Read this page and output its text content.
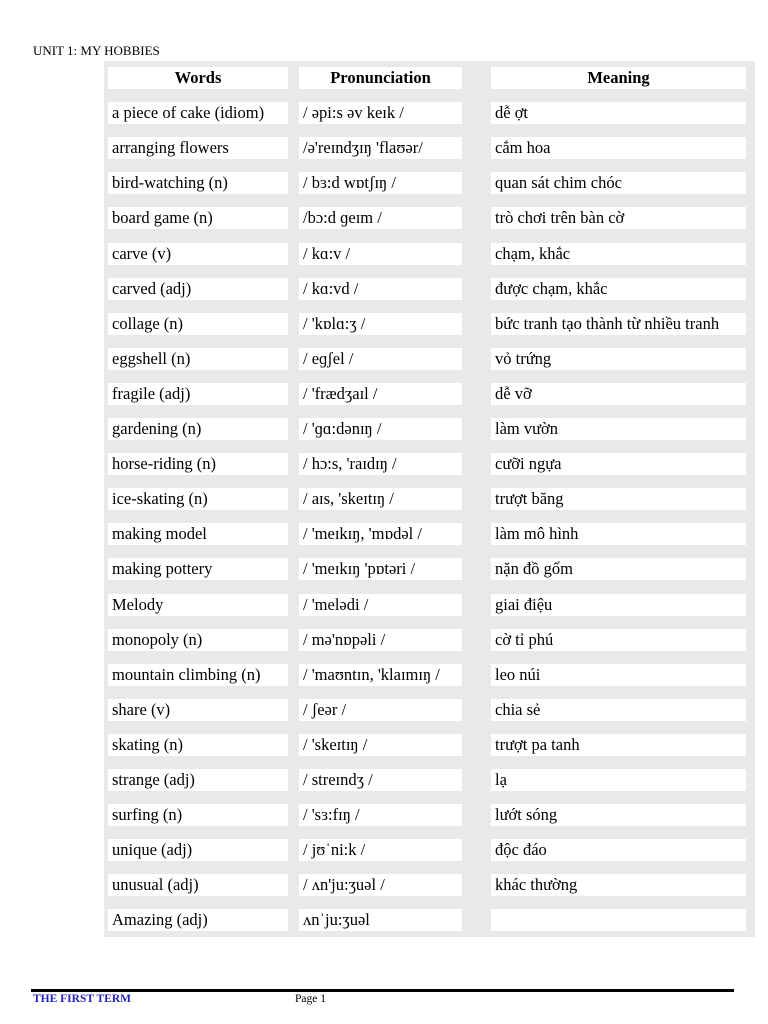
UNIT 1: MY HOBBIES
Words	Pronunciation	Meaning
a piece of cake (idiom)	/ əpi:s əv keɪk /	dễ ợt
arranging flowers	/ə'reɪndʒɪŋ 'flaʊər/	cắm hoa
bird-watching (n)	/ bɜ:d wɒtʃɪŋ /	quan sát chim chóc
board game (n)	/bɔ:d ɡeɪm /	trò chơi trên bàn cờ
carve (v)	/ kɑ:v /	chạm, khắc
carved (adj)	/ kɑ:vd /	được chạm, khắc
collage (n)	/ 'kɒlɑ:ʒ /	bức tranh tạo thành từ nhiều tranh
eggshell (n)	/ eɡʃel /	vỏ trứng
fragile (adj)	/ 'frædʒaɪl /	dễ vỡ
gardening (n)	/ 'ɡɑ:dənɪŋ /	làm vườn
horse-riding (n)	/ hɔ:s, 'raɪdɪŋ /	cưỡi ngựa
ice-skating (n)	/ aɪs, 'skeɪtɪŋ /	trượt băng
making model	/ 'meɪkɪŋ, 'mɒdəl /	làm mô hình
making pottery	/ 'meɪkɪŋ 'pɒtəri /	nặn đồ gốm
Melody	/ 'melədi /	giai điệu
monopoly (n)	/ mə'nɒpəli /	cờ tỉ phú
mountain climbing (n)	/ 'maʊntɪn, 'klaɪmɪŋ /	leo núi
share (v)	/ ʃeər /	chia sẻ
skating (n)	/ 'skeɪtɪŋ /	trượt pa tanh
strange (adj)	/ streɪndʒ /	lạ
surfing (n)	/ 'sɜ:fɪŋ /	lướt sóng
unique (adj)	/ jʊˈni:k /	độc đáo
unusual (adj)	/ ʌn'ju:ʒuəl /	khác thường
Amazing (adj)	ʌnˈju:ʒuəl
THE FIRST TERM	Page 1
